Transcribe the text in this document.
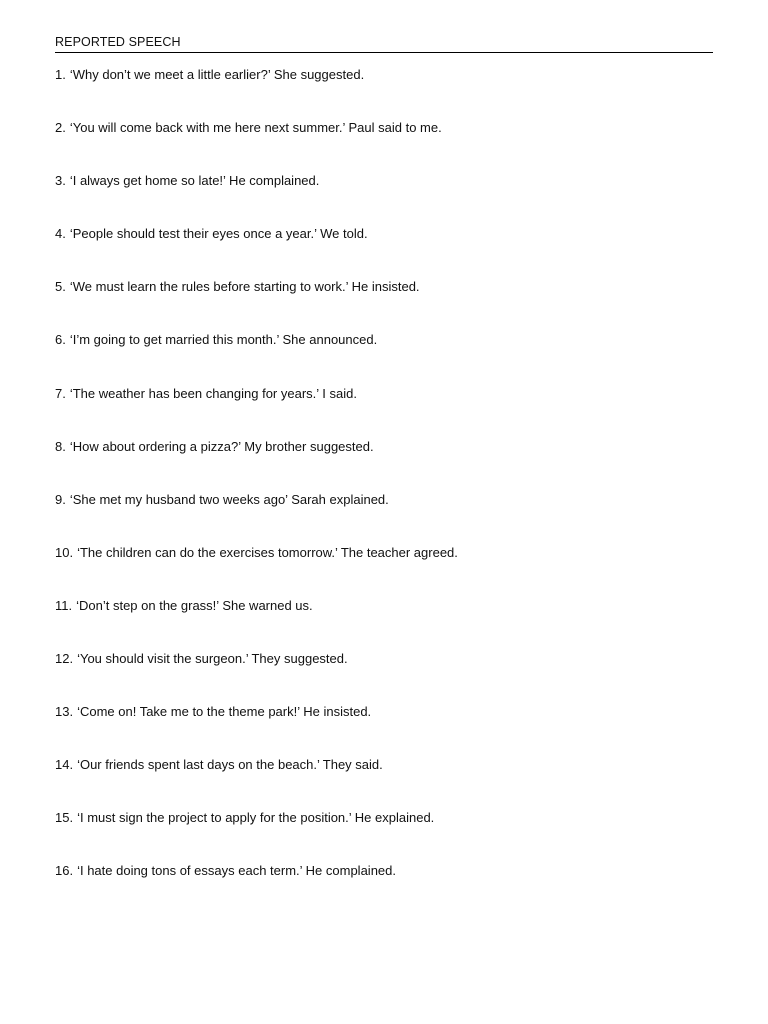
REPORTED SPEECH
1. ‘Why don’t we meet a little earlier?’ She suggested.
2. ‘You will come back with me here next summer.’ Paul said to me.
3. ‘I always get home so late!’ He complained.
4. ‘People should test their eyes once a year.’ We told.
5. ‘We must learn the rules before starting to work.’ He insisted.
6. ‘I’m going to get married this month.’ She announced.
7. ‘The weather has been changing for years.’ I said.
8. ‘How about ordering a pizza?’ My brother suggested.
9. ‘She met my husband two weeks ago’ Sarah explained.
10. ‘The children can do the exercises tomorrow.’ The teacher agreed.
11. ‘Don’t step on the grass!’ She warned us.
12. ‘You should visit the surgeon.’ They suggested.
13. ‘Come on! Take me to the theme park!’ He insisted.
14. ‘Our friends spent last days on the beach.’ They said.
15. ‘I must sign the project to apply for the position.’ He explained.
16. ‘I hate doing tons of essays each term.’ He complained.
